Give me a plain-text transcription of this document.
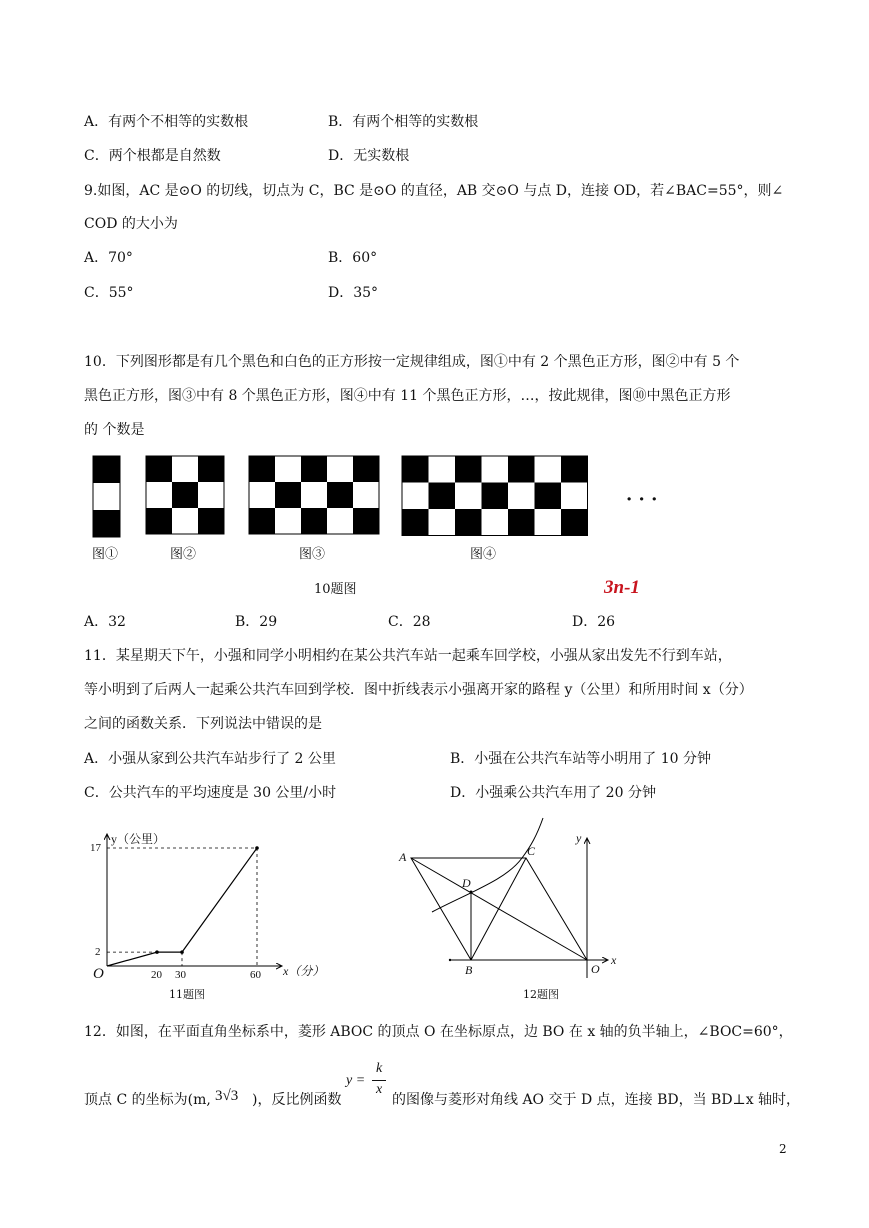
A．有两个不相等的实数根	B．有两个相等的实数根
C．两个根都是自然数	D．无实数根
9.如图，AC 是⊙O 的切线，切点为 C，BC 是⊙O 的直径，AB 交⊙O 与点 D，连接 OD，若∠BAC=55°，则∠
COD 的大小为
A．70°	B．60°
C．55°	D．35°
10．下列图形都是有几个黑色和白色的正方形按一定规律组成，图①中有 2 个黑色正方形，图②中有 5 个
黑色正方形，图③中有 8 个黑色正方形，图④中有 11 个黑色正方形，…，按此规律，图⑩中黑色正方形
的 个数是
图①	图②	图③	图④
· · ·
10题图	3n-1
A．32	B．29	C．28	D．26
11．某星期天下午，小强和同学小明相约在某公共汽车站一起乘车回学校，小强从家出发先不行到车站，
等小明到了后两人一起乘公共汽车回到学校．图中折线表示小强离开家的路程 y（公里）和所用时间 x（分）
之间的函数关系．下列说法中错误的是
A．小强从家到公共汽车站步行了 2 公里	B．小强在公共汽车站等小明用了 10 分钟
C．公共汽车的平均速度是 30 公里/小时	D．小强乘公共汽车用了 20 分钟
y（公里）
x（分）
O
17
2
20 30	60
11题图
A	C
D
B	O
x
y
12题图
12．如图，在平面直角坐标系中，菱形 ABOC 的顶点 O 在坐标原点，边 BO 在 x 轴的负半轴上，∠BOC=60°，
顶点 C 的坐标为(m, 3√3 )，反比例函数
y =
k
x
的图像与菱形对角线 AO 交于 D 点，连接 BD，当 BD⊥x 轴时，
2
